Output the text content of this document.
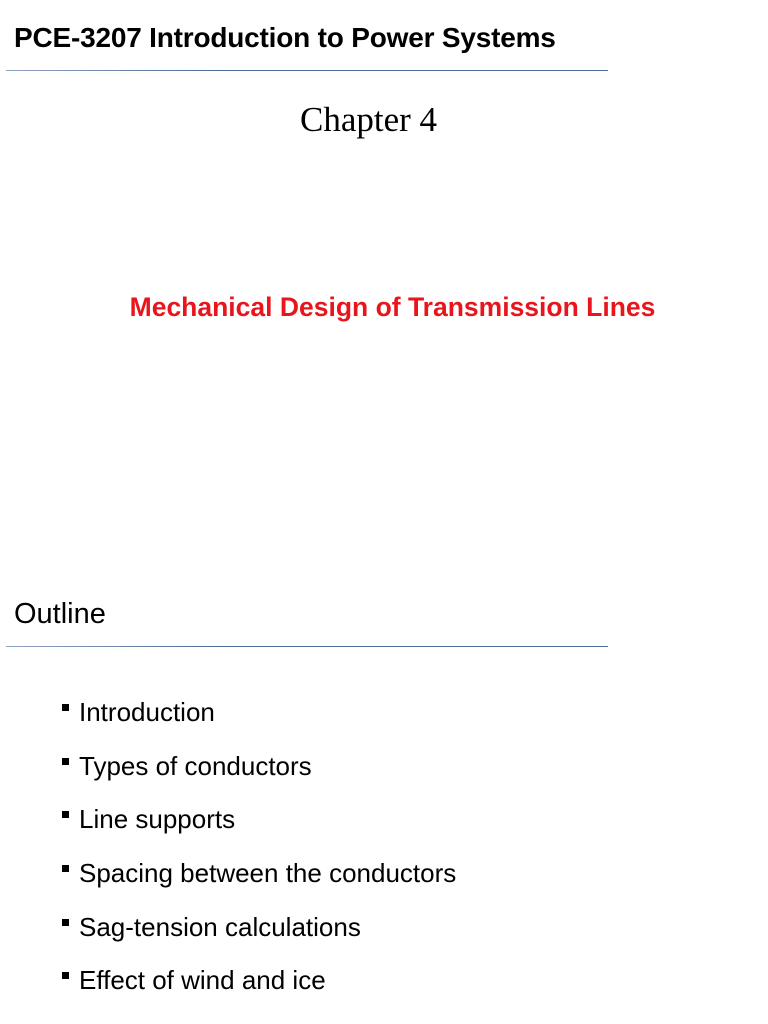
PCE-3207 Introduction to Power Systems
Chapter 4
Mechanical Design of Transmission Lines
Outline
Introduction
Types of conductors
Line supports
Spacing between the conductors
Sag-tension calculations
Effect of wind and ice
